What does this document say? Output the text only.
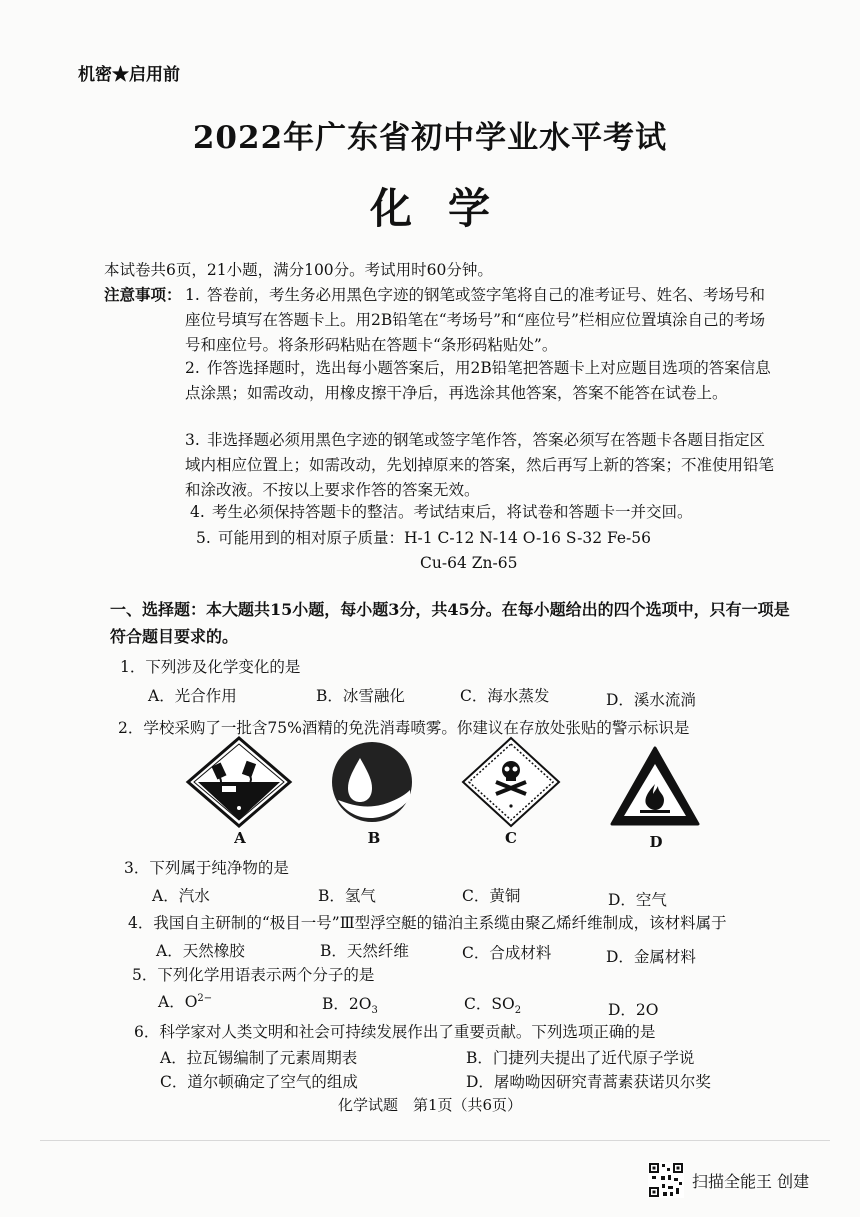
机密★启用前
2022年广东省初中学业水平考试
化学
本试卷共6页，21小题，满分100分。考试用时60分钟。
注意事项： 1. 答卷前，考生务必用黑色字迹的钢笔或签字笔将自己的准考证号、姓名、考场号和座位号填写在答题卡上。用2B铅笔在“考场号”和“座位号”栏相应位置填涂自己的考场号和座位号。将条形码粘贴在答题卡“条形码粘贴处”。
2. 作答选择题时，选出每小题答案后，用2B铅笔把答题卡上对应题目选项的答案信息点涂黑；如需改动，用橡皮擦干净后，再选涂其他答案，答案不能答在试卷上。
3. 非选择题必须用黑色字迹的钢笔或签字笔作答，答案必须写在答题卡各题目指定区域内相应位置上；如需改动，先划掉原来的答案，然后再写上新的答案；不准使用铅笔和涂改液。不按以上要求作答的答案无效。
4. 考生必须保持答题卡的整洁。考试结束后，将试卷和答题卡一并交回。
5. 可能用到的相对原子质量：H-1 C-12 N-14 O-16 S-32 Fe-56
Cu-64 Zn-65
一、选择题：本大题共15小题，每小题3分，共45分。在每小题给出的四个选项中，只有一项是符合题目要求的。
1．下列涉及化学变化的是
A．光合作用	B．冰雪融化	C．海水蒸发	D．溪水流淌
2．学校采购了一批含75%酒精的免洗消毒喷雾。你建议在存放处张贴的警示标识是
A	B	C	D
3．下列属于纯净物的是
A．汽水	B．氢气	C．黄铜	D．空气
4．我国自主研制的“极目一号”Ⅲ型浮空艇的锚泊主系缆由聚乙烯纤维制成，该材料属于
A．天然橡胶	B．天然纤维	C．合成材料	D．金属材料
5．下列化学用语表示两个分子的是
A．$O^{2-}$	B．$2O_3$	C．$SO_2$	D．2O
6．科学家对人类文明和社会可持续发展作出了重要贡献。下列选项正确的是
A．拉瓦锡编制了元素周期表	B．门捷列夫提出了近代原子学说
C．道尔顿确定了空气的组成	D．屠呦呦因研究青蒿素获诺贝尔奖
化学试题　第1页（共6页）
扫描全能王 创建
